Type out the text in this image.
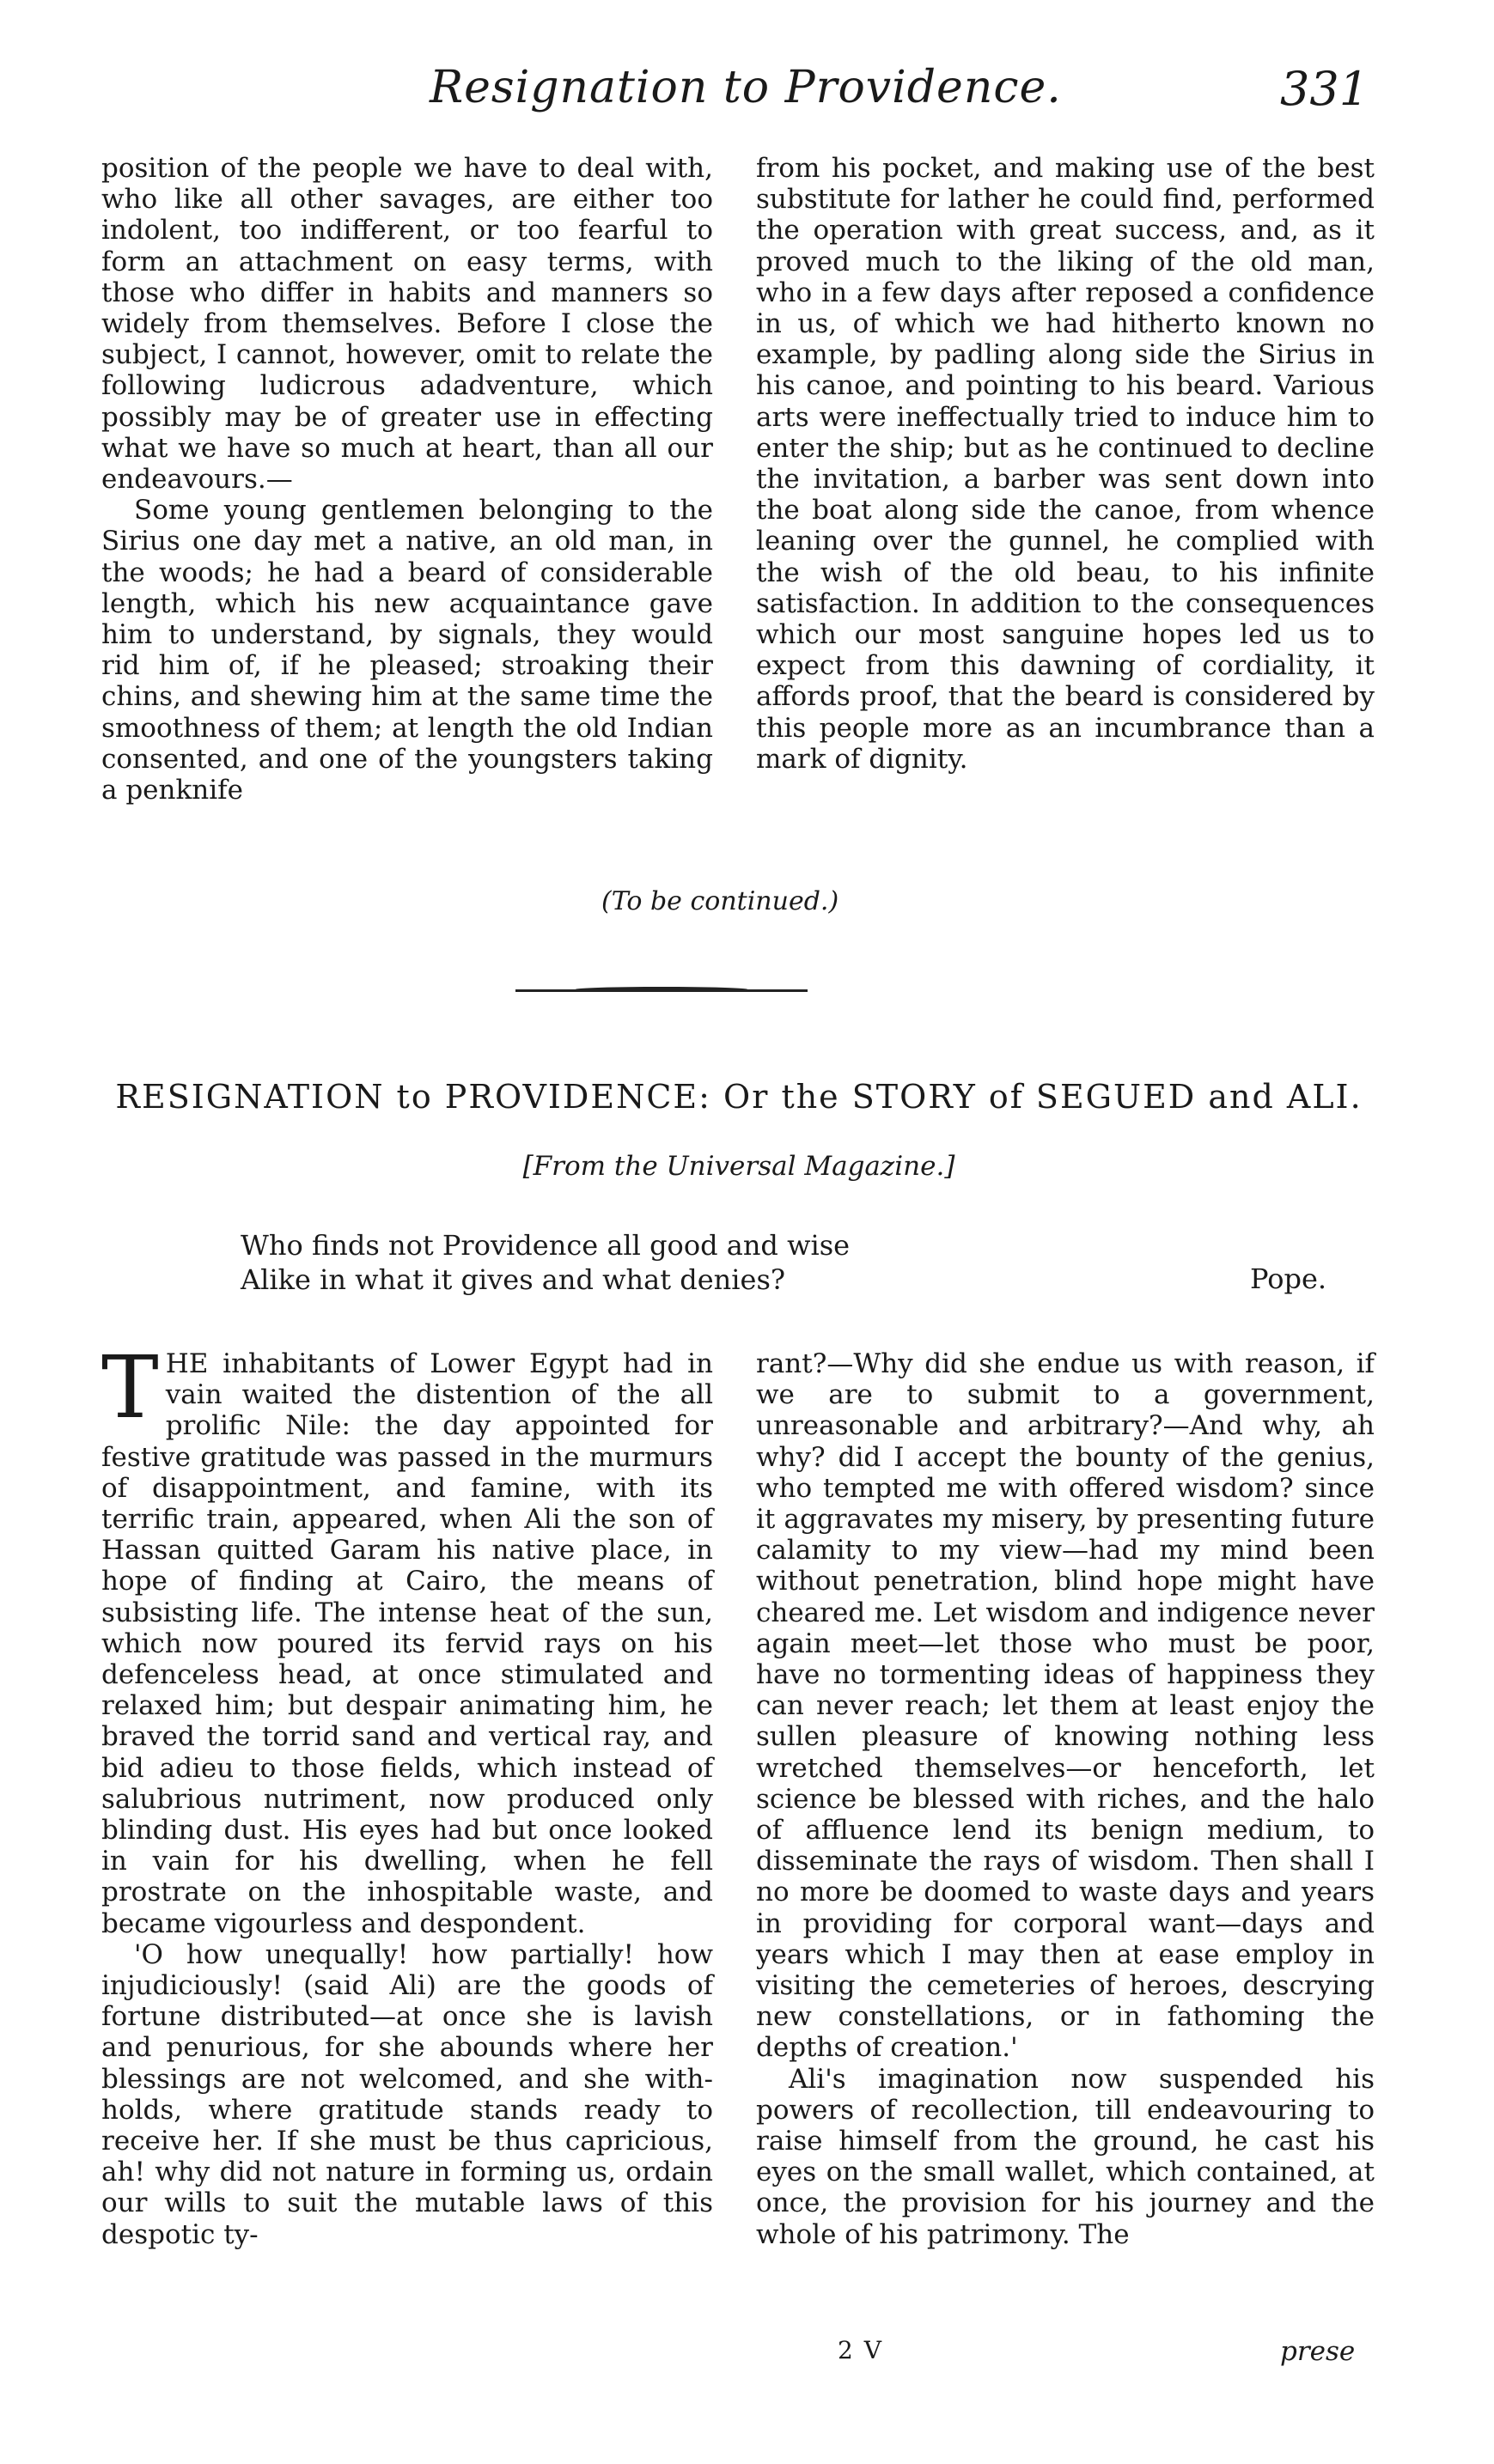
Resignation to Providence.	331

position of the people we have to deal with, who like all other savages, are either too indolent, too indifferent, or too fearful to form an attachment on easy terms, with those who differ in habits and manners so widely from themselves. Before I close the subject, I cannot, however, omit to relate the following ludicrous adadventure, which possibly may be of greater use in effecting what we have so much at heart, than all our endeavours.—

Some young gentlemen belonging to the Sirius one day met a native, an old man, in the woods; he had a beard of considerable length, which his new acquaintance gave him to understand, by signals, they would rid him of, if he pleased; stroaking their chins, and shewing him at the same time the smoothness of them; at length the old Indian consented, and one of the youngsters taking a penknife

from his pocket, and making use of the best substitute for lather he could find, performed the operation with great success, and, as it proved much to the liking of the old man, who in a few days after reposed a confidence in us, of which we had hitherto known no example, by padling along side the Sirius in his canoe, and pointing to his beard. Various arts were ineffectually tried to induce him to enter the ship; but as he continued to decline the invitation, a barber was sent down into the boat along side the canoe, from whence leaning over the gunnel, he complied with the wish of the old beau, to his infinite satisfaction. In addition to the consequences which our most sanguine hopes led us to expect from this dawning of cordiality, it affords proof, that the beard is considered by this people more as an incumbrance than a mark of dignity.

(To be continued.)
RESIGNATION to PROVIDENCE: Or the STORY of SEGUED and ALI.
[From the Universal Magazine.]
Who finds not Providence all good and wise
Alike in what it gives and what denies?	Pope.

THE inhabitants of Lower Egypt had in vain waited the distention of the all prolific Nile: the day appointed for festive gratitude was passed in the murmurs of disappointment, and famine, with its terrific train, appeared, when Ali the son of Hassan quitted Garam his native place, in hope of finding at Cairo, the means of subsisting life. The intense heat of the sun, which now poured its fervid rays on his defenceless head, at once stimulated and relaxed him; but despair animating him, he braved the torrid sand and vertical ray, and bid adieu to those fields, which instead of salubrious nutriment, now produced only blinding dust. His eyes had but once looked in vain for his dwelling, when he fell prostrate on the inhospitable waste, and became vigourless and despondent.

'O how unequally! how partially! how injudiciously! (said Ali) are the goods of fortune distributed—at once she is lavish and penurious, for she abounds where her blessings are not welcomed, and she with-holds, where gratitude stands ready to receive her. If she must be thus capricious, ah! why did not nature in forming us, ordain our wills to suit the mutable laws of this despotic ty-

rant?—Why did she endue us with reason, if we are to submit to a government, unreasonable and arbitrary?—And why, ah why? did I accept the bounty of the genius, who tempted me with offered wisdom? since it aggravates my misery, by presenting future calamity to my view—had my mind been without penetration, blind hope might have cheared me. Let wisdom and indigence never again meet—let those who must be poor, have no tormenting ideas of happiness they can never reach; let them at least enjoy the sullen pleasure of knowing nothing less wretched themselves—or henceforth, let science be blessed with riches, and the halo of affluence lend its benign medium, to disseminate the rays of wisdom. Then shall I no more be doomed to waste days and years in providing for corporal want—days and years which I may then at ease employ in visiting the cemeteries of heroes, descrying new constellations, or in fathoming the depths of creation.'

Ali's imagination now suspended his powers of recollection, till endeavouring to raise himself from the ground, he cast his eyes on the small wallet, which contained, at once, the provision for his journey and the whole of his patrimony. The

2 V	prese
